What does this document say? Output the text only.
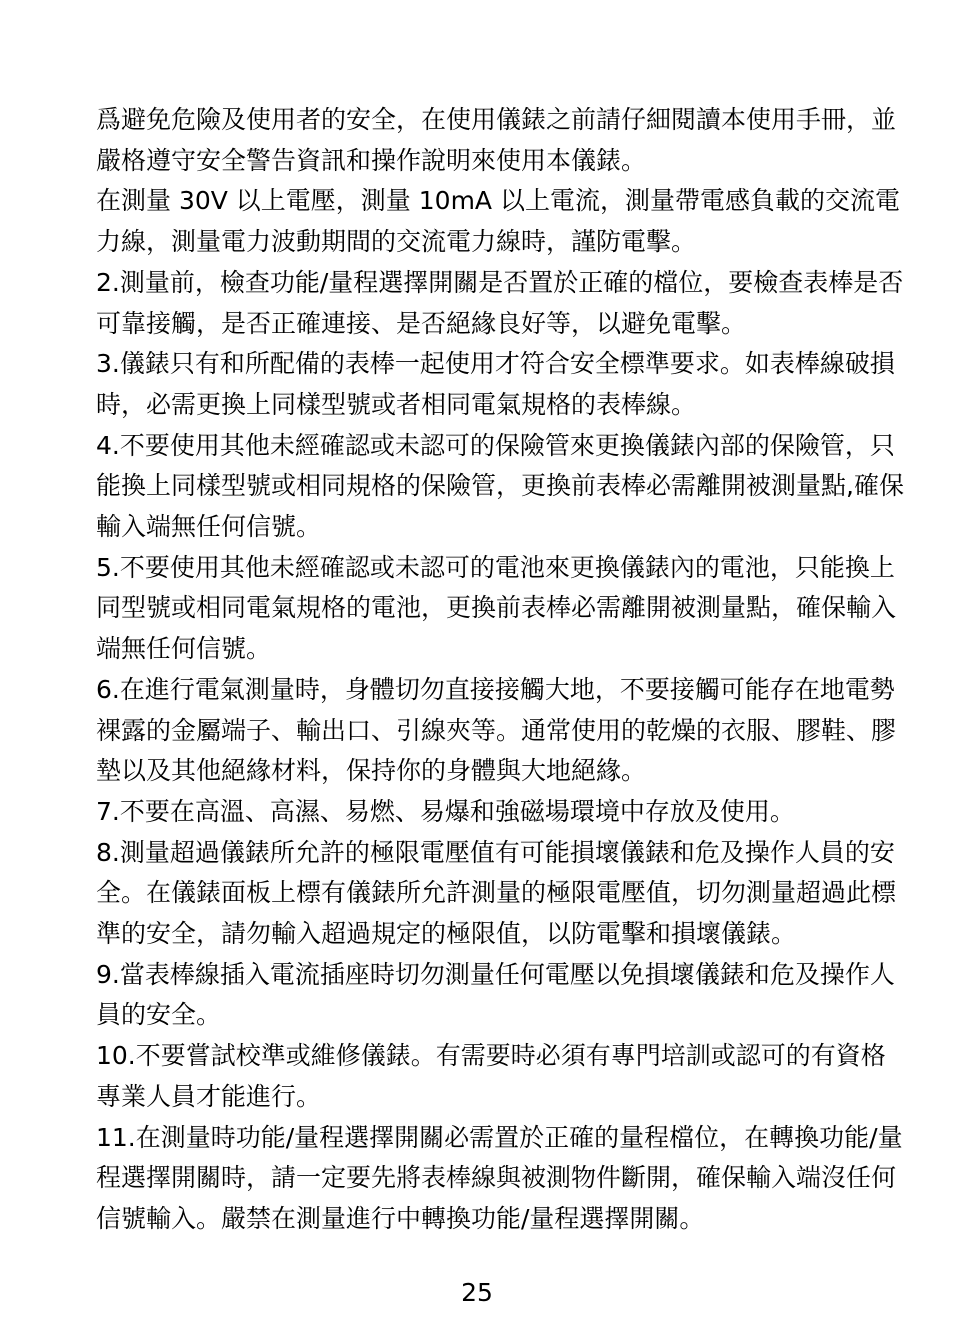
爲避免危險及使用者的安全，在使用儀錶之前請仔細閱讀本使用手冊，並嚴格遵守安全警告資訊和操作說明來使用本儀錶。

在測量 30V 以上電壓，測量 10mA 以上電流，測量帶電感負載的交流電力線，測量電力波動期間的交流電力線時，謹防電擊。

2.測量前，檢查功能/量程選擇開關是否置於正確的檔位，要檢查表棒是否可靠接觸，是否正確連接、是否絕緣良好等，以避免電擊。

3.儀錶只有和所配備的表棒一起使用才符合安全標準要求。如表棒線破損時，必需更換上同樣型號或者相同電氣規格的表棒線。

4.不要使用其他未經確認或未認可的保險管來更換儀錶內部的保險管，只能換上同樣型號或相同規格的保險管，更換前表棒必需離開被測量點,確保輸入端無任何信號。

5.不要使用其他未經確認或未認可的電池來更換儀錶內的電池，只能換上同型號或相同電氣規格的電池，更換前表棒必需離開被測量點，確保輸入端無任何信號。

6.在進行電氣測量時，身體切勿直接接觸大地，不要接觸可能存在地電勢裸露的金屬端子、輸出口、引線夾等。通常使用的乾燥的衣服、膠鞋、膠墊以及其他絕緣材料，保持你的身體與大地絕緣。

7.不要在高溫、高濕、易燃、易爆和強磁場環境中存放及使用。

8.測量超過儀錶所允許的極限電壓值有可能損壞儀錶和危及操作人員的安全。在儀錶面板上標有儀錶所允許測量的極限電壓值，切勿測量超過此標準的安全，請勿輸入超過規定的極限值，以防電擊和損壞儀錶。

9.當表棒線插入電流插座時切勿測量任何電壓以免損壞儀錶和危及操作人員的安全。

10.不要嘗試校準或維修儀錶。有需要時必須有專門培訓或認可的有資格專業人員才能進行。

11.在測量時功能/量程選擇開關必需置於正確的量程檔位，在轉換功能/量程選擇開關時，請一定要先將表棒線與被測物件斷開，確保輸入端沒任何信號輸入。嚴禁在測量進行中轉換功能/量程選擇開關。

25
